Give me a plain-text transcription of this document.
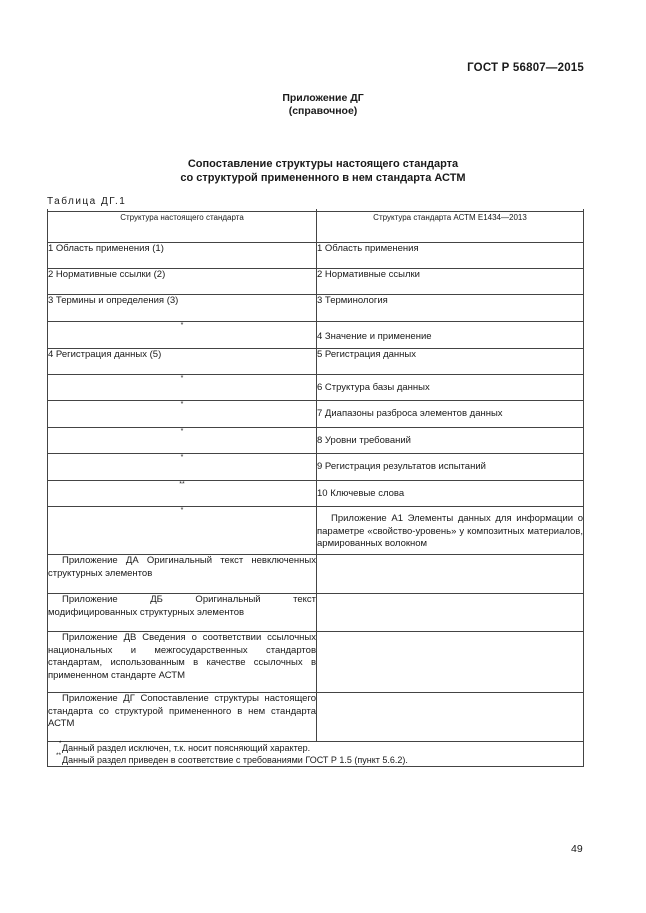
ГОСТ Р 56807—2015
Приложение ДГ
(справочное)
Сопоставление структуры настоящего стандарта
со структурой примененного в нем стандарта АСТМ
Таблица ДГ.1

Структура настоящего стандарта	Структура стандарта АСТМ Е1434—2013
1 Область применения (1)	1 Область применения
2 Нормативные ссылки (2)	2 Нормативные ссылки
3 Термины и определения (3)	3 Терминология
*	4 Значение и применение
4 Регистрация данных (5)	5 Регистрация данных
*	6 Структура базы данных
*	7 Диапазоны разброса элементов данных
*	8 Уровни требований
*	9 Регистрация результатов испытаний
**	10 Ключевые слова
*	Приложение А1 Элементы данных для информации о параметре «свойство-уровень» у композитных материалов, армированных волокном
Приложение ДА Оригинальный текст невключенных структурных элементов	
Приложение ДБ Оригинальный текст модифицированных структурных элементов	
Приложение ДВ Сведения о соответствии ссылочных национальных и межгосударственных стандартов стандартам, использованным в качестве ссылочных в примененном стандарте АСТМ	
Приложение ДГ Сопоставление структуры настоящего стандарта со структурой примененного в нем стандарта АСТМ	

* Данный раздел исключен, т.к. носит поясняющий характер.
** Данный раздел приведен в соответствие с требованиями ГОСТ Р 1.5 (пункт 5.6.2).	
49
